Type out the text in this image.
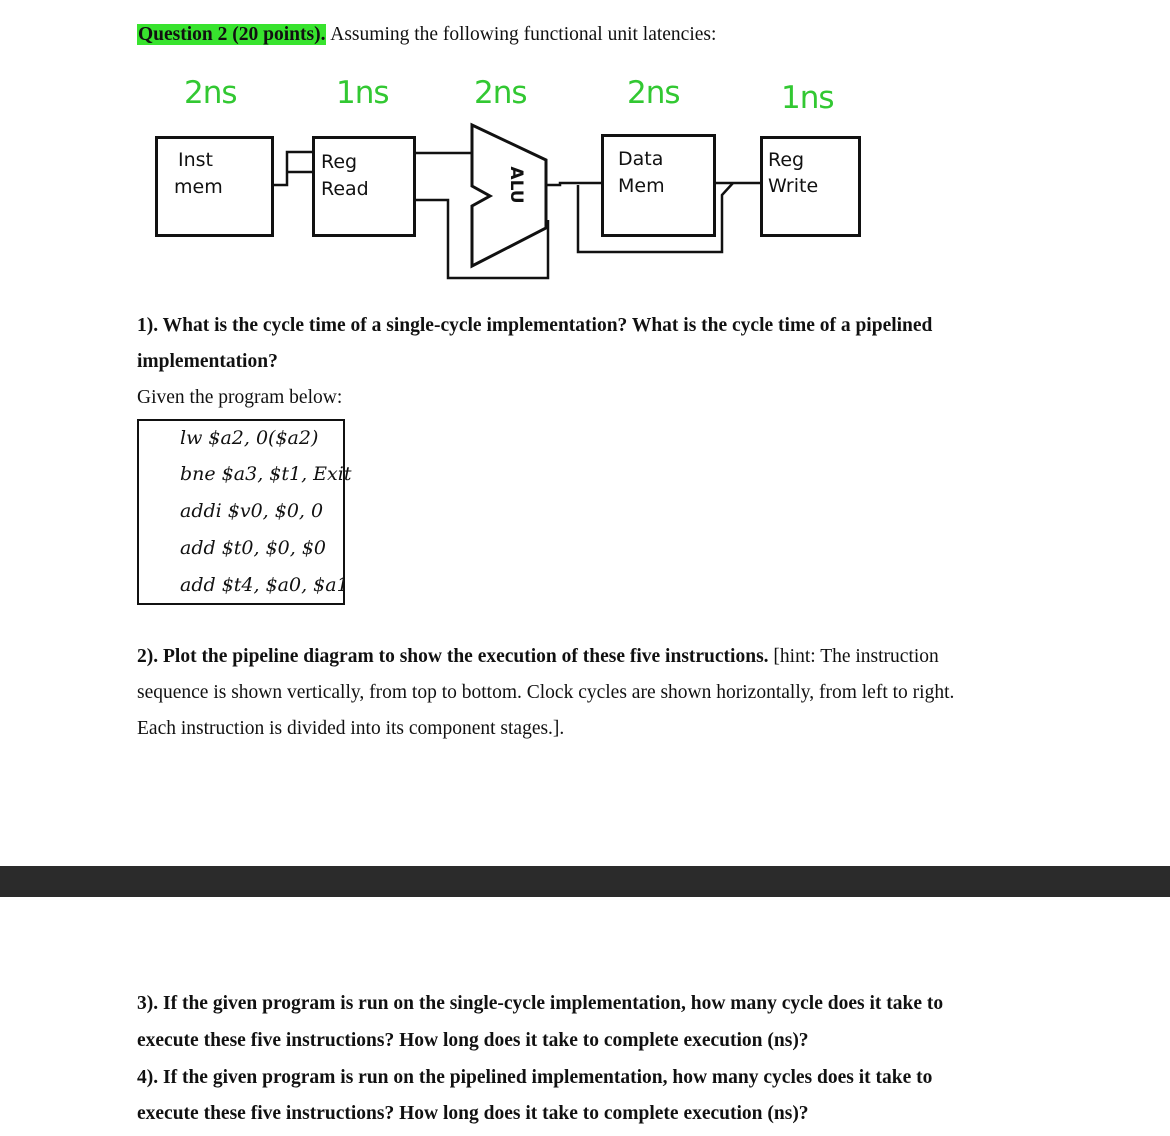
Question 2 (20 points). Assuming the following functional unit latencies:
2ns	1ns	2ns	2ns	1ns
Inst
mem
Reg
Read	ALU
Data
Mem
Reg
Write
1). What is the cycle time of a single-cycle implementation? What is the cycle time of a pipelined
implementation?
Given the program below:
lw $a2, 0($a2)
bne $a3, $t1, Exit
addi $v0, $0, 0
add $t0, $0, $0
add $t4, $a0, $a1
2). Plot the pipeline diagram to show the execution of these five instructions. [hint: The instruction
sequence is shown vertically, from top to bottom. Clock cycles are shown horizontally, from left to right.
Each instruction is divided into its component stages.].
3). If the given program is run on the single-cycle implementation, how many cycle does it take to
execute these five instructions? How long does it take to complete execution (ns)?
4). If the given program is run on the pipelined implementation, how many cycles does it take to
execute these five instructions? How long does it take to complete execution (ns)?
